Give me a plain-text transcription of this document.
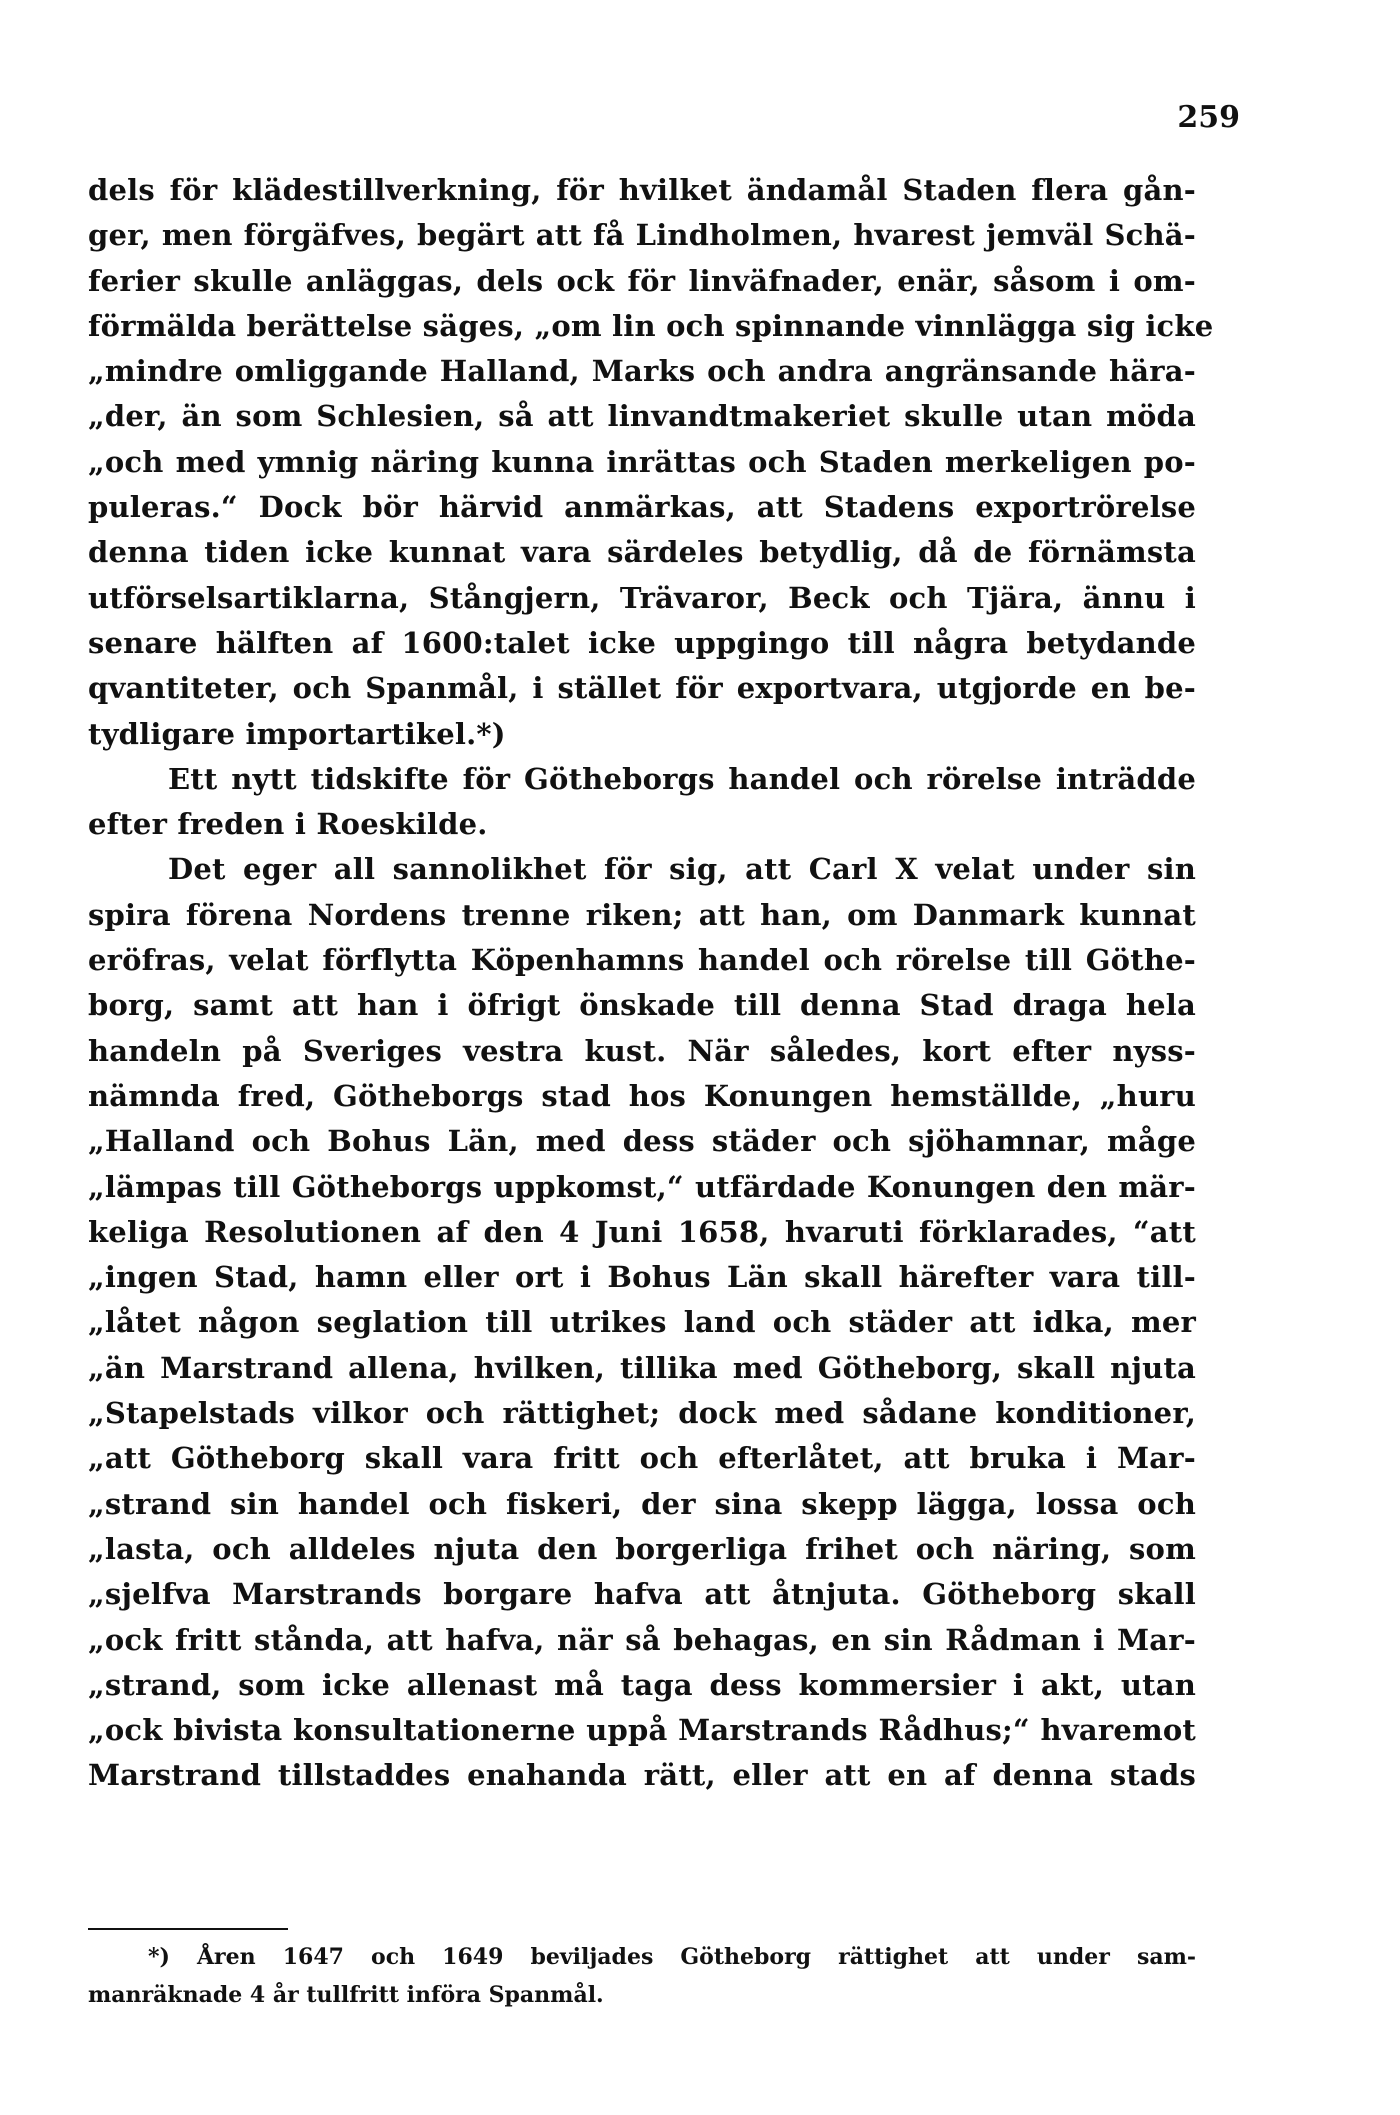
259
dels för klädestillverkning, för hvilket ändamål Staden flera gån-
ger, men förgäfves, begärt att få Lindholmen, hvarest jemväl Schä-
ferier skulle anläggas, dels ock för linväfnader, enär, såsom i om-
förmälda berättelse säges, „om lin och spinnande vinnlägga sig icke
„mindre omliggande Halland, Marks och andra angränsande härа-
„der, än som Schlesien, så att linvandtmakeriet skulle utan möda
„och med ymnig näring kunna inrättas och Staden merkeligen po-
puleras.“ Dock bör härvid anmärkas, att Stadens exportrörelse
denna tiden icke kunnat vara särdeles betydlig, då de förnämsta
utförselsartiklarna, Stångjern, Trävaror, Beck och Tjära, ännu i
senare hälften af 1600:talet icke uppgingo till några betydande
qvantiteter, och Spanmål, i stället för exportvara, utgjorde en be-
tydligare importartikel.*)
Ett nytt tidskifte för Götheborgs handel och rörelse inträdde
efter freden i Roeskilde.
Det eger all sannolikhet för sig, att Carl X velat under sin
spira förena Nordens trenne riken; att han, om Danmark kunnat
eröfras, velat förflytta Köpenhamns handel och rörelse till Göthe-
borg, samt att han i öfrigt önskade till denna Stad draga hela
handeln på Sveriges vestra kust. När således, kort efter nyss-
nämnda fred, Götheborgs stad hos Konungen hemställde, „huru
„Halland och Bohus Län, med dess städer och sjöhamnar, måge
„lämpas till Götheborgs uppkomst,“ utfärdade Konungen den mär-
keliga Resolutionen af den 4 Juni 1658, hvaruti förklarades, “att
„ingen Stad, hamn eller ort i Bohus Län skall härefter vara till-
„låtet någon seglation till utrikes land och städer att idka, mer
„än Marstrand allena, hvilken, tillika med Götheborg, skall njuta
„Stapelstads vilkor och rättighet; dock med sådane konditioner,
„att Götheborg skall vara fritt och efterlåtet, att bruka i Mar-
„strand sin handel och fiskeri, der sina skepp lägga, lossa och
„lasta, och alldeles njuta den borgerliga frihet och näring, som
„sjelfva Marstrands borgare hafva att åtnjuta. Götheborg skall
„ock fritt stånda, att hafva, när så behagas, en sin Rådman i Mar-
„strand, som icke allenast må taga dess kommersier i akt, utan
„ock bivista konsultationerne uppå Marstrands Rådhus;“ hvaremot
Marstrand tillstaddes enahanda rätt, eller att en af denna stads
*) Åren 1647 och 1649 beviljades Götheborg rättighet att under sam-
manräknade 4 år tullfritt införa Spanmål.
